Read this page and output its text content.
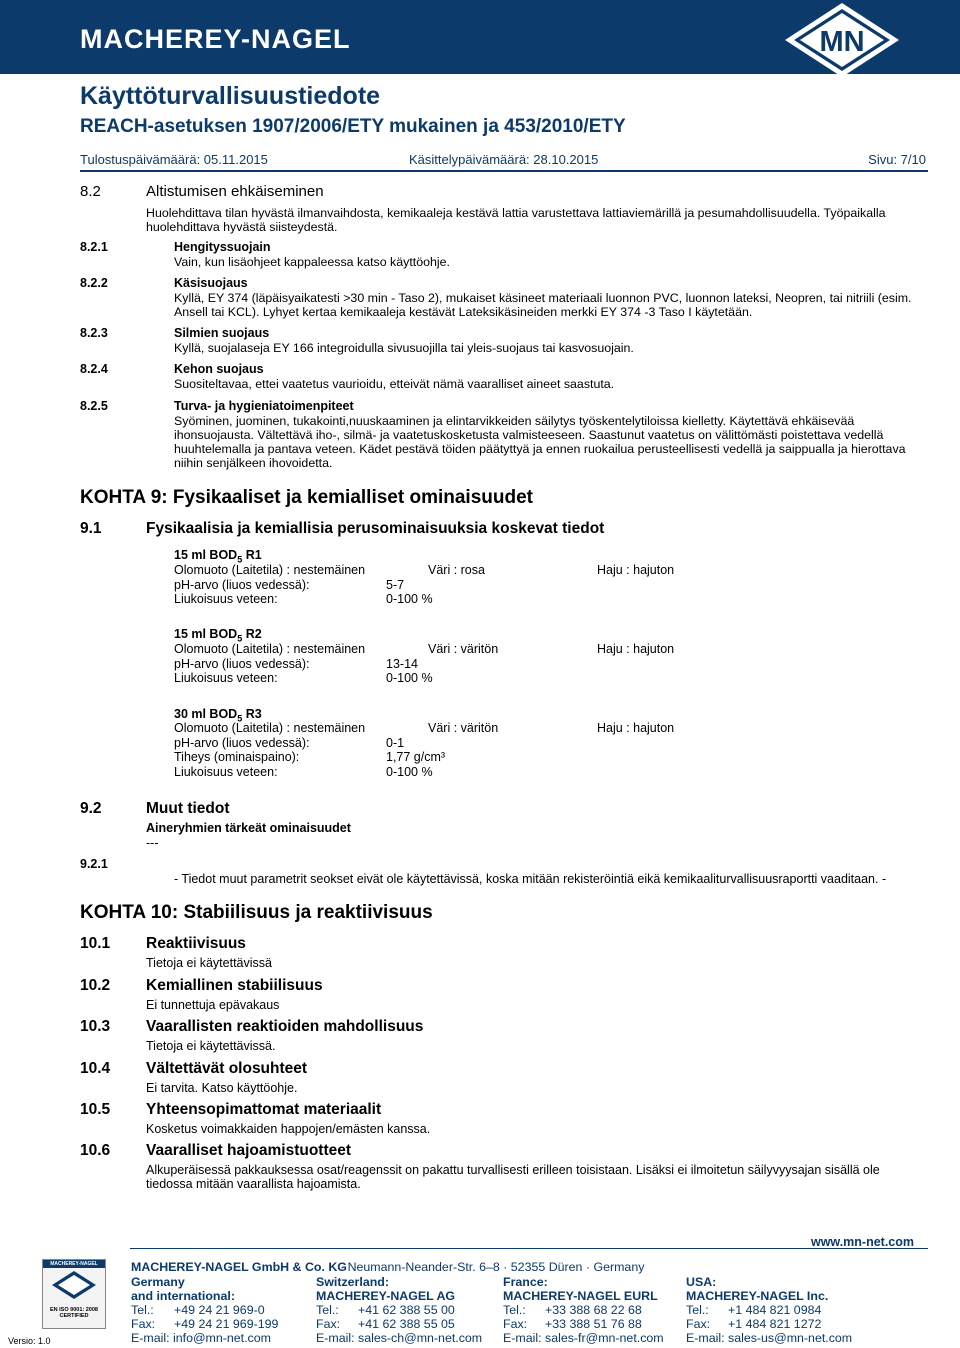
MACHEREY-NAGEL	MN
Käyttöturvallisuustiedote
REACH-asetuksen 1907/2006/ETY mukainen ja 453/2010/ETY
Tulostuspäivämäärä: 05.11.2015	Käsittelypäivämäärä: 28.10.2015	Sivu: 7/10
8.2	Altistumisen ehkäiseminen
Huolehdittava tilan hyvästä ilmanvaihdosta, kemikaaleja kestävä lattia varustettava lattiaviemärillä ja pesumahdollisuudella. Työpaikalla huolehdittava hyvästä siisteydestä.
8.2.1	Hengityssuojain
Vain, kun lisäohjeet kappaleessa katso käyttöohje.
8.2.2	Käsisuojaus
Kyllä, EY 374 (läpäisyaikatesti >30 min - Taso 2), mukaiset käsineet materiaali luonnon PVC, luonnon lateksi, Neopren, tai nitriili (esim. Ansell tai KCL). Lyhyet kertaa kemikaaleja kestävät Lateksikäsineiden merkki EY 374 -3 Taso I käytetään.
8.2.3	Silmien suojaus
Kyllä, suojalaseja EY 166 integroidulla sivusuojilla tai yleis-suojaus tai kasvosuojain.
8.2.4	Kehon suojaus
Suositeltavaa, ettei vaatetus vaurioidu, etteivät nämä vaaralliset aineet saastuta.
8.2.5	Turva- ja hygieniatoimenpiteet
Syöminen, juominen, tukakointi,nuuskaaminen ja elintarvikkeiden säilytys työskentelytiloissa kielletty. Käytettävä ehkäisevää ihonsuojausta. Vältettävä iho-, silmä- ja vaatetuskosketusta valmisteeseen. Saastunut vaatetus on välittömästi poistettava vedellä huuhtelemalla ja pantava veteen. Kädet pestävä töiden päätyttyä ja ennen ruokailua perusteellisesti vedellä ja saippualla ja hierottava niihin senjälkeen ihovoidetta.
KOHTA 9: Fysikaaliset ja kemialliset ominaisuudet
9.1	Fysikaalisia ja kemiallisia perusominaisuuksia koskevat tiedot
15 ml $BOD_5$ R1
Olomuoto (Laitetila) : nestemäinen	Väri : rosa	Haju : hajuton
pH-arvo (liuos vedessä):	5-7
Liukoisuus veteen:	0-100 %
15 ml $BOD_5$ R2
Olomuoto (Laitetila) : nestemäinen	Väri : väritön	Haju : hajuton
pH-arvo (liuos vedessä):	13-14
Liukoisuus veteen:	0-100 %
30 ml $BOD_5$ R3
Olomuoto (Laitetila) : nestemäinen	Väri : väritön	Haju : hajuton
pH-arvo (liuos vedessä):	0-1
Tiheys (ominaispaino):	1,77 g/cm³
Liukoisuus veteen:	0-100 %
9.2	Muut tiedot
Aineryhmien tärkeät ominaisuudet
---
9.2.1
- Tiedot muut parametrit seokset eivät ole käytettävissä, koska mitään rekisteröintiä eikä kemikaaliturvallisuusraportti vaaditaan. -
KOHTA 10: Stabiilisuus ja reaktiivisuus
10.1 Reaktiivisuus
Tietoja ei käytettävissä
10.2 Kemiallinen stabiilisuus
Ei tunnettuja epävakaus
10.3 Vaarallisten reaktioiden mahdollisuus
Tietoja ei käytettävissä.
10.4 Vältettävät olosuhteet
Ei tarvita. Katso käyttöohje.
10.5 Yhteensopimattomat materiaalit
Kosketus voimakkaiden happojen/emästen kanssa.
10.6 Vaaralliset hajoamistuotteet
Alkuperäisessä pakkauksessa osat/reagenssit on pakattu turvallisesti erilleen toisistaan. Lisäksi ei ilmoitetun säilyvyysajan sisällä ole tiedossa mitään vaarallista hajoamista.
www.mn-net.com
MACHEREY-NAGEL
EN ISO 9001: 2008
CERTIFIED
Versio: 1.0
MACHEREY-NAGEL GmbH & Co. KG
· Neumann-Neander-Str. 6–8 · 52355 Düren · Germany
Germany
and international:
Tel.: +49 24 21 969-0
Fax: +49 24 21 969-199
E-mail: info@mn-net.com
Switzerland:
MACHEREY-NAGEL AG
Tel.: +41 62 388 55 00
Fax: +41 62 388 55 05
E-mail: sales-ch@mn-net.com
France:
MACHEREY-NAGEL EURL
Tel.: +33 388 68 22 68
Fax: +33 388 51 76 88
E-mail: sales-fr@mn-net.com
USA:
MACHEREY-NAGEL Inc.
Tel.: +1 484 821 0984
Fax: +1 484 821 1272
E-mail: sales-us@mn-net.com
